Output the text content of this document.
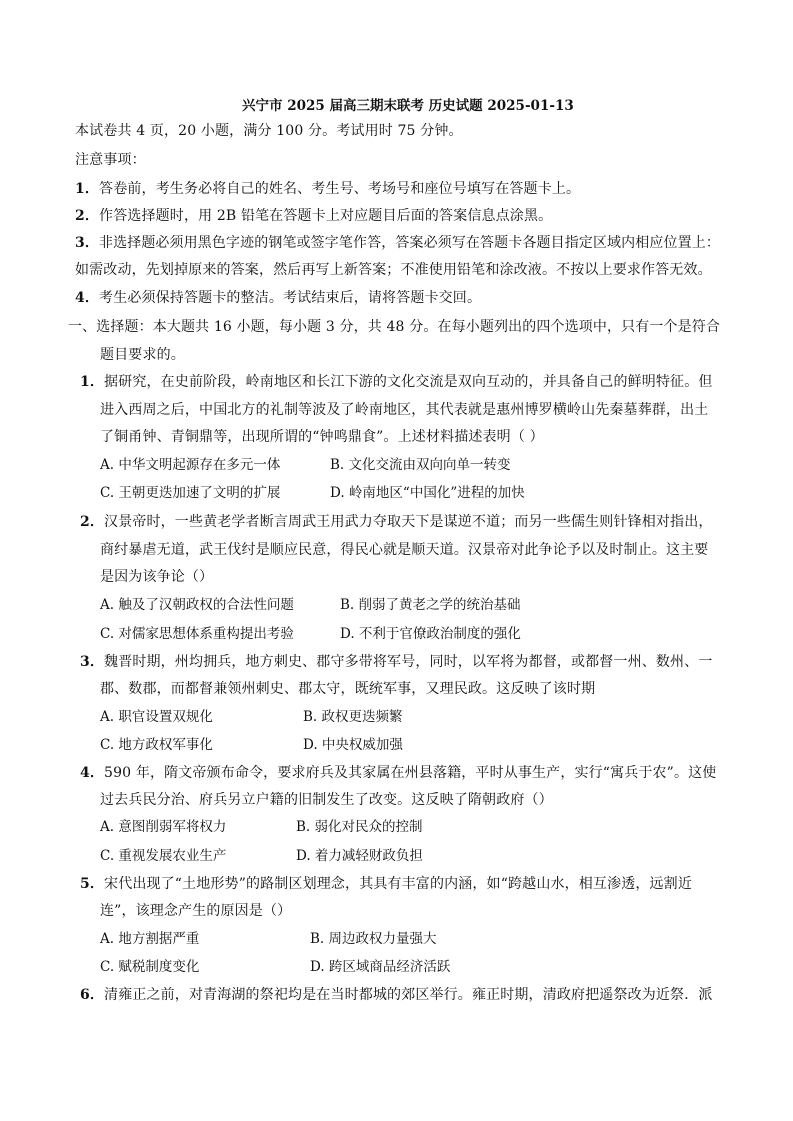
兴宁市 2025 届高三期末联考 历史试题 2025-01-13
本试卷共 4 页，20 小题，满分 100 分。考试用时 75 分钟。
注意事项：
1．答卷前，考生务必将自己的姓名、考生号、考场号和座位号填写在答题卡上。
2．作答选择题时，用 2B 铅笔在答题卡上对应题目后面的答案信息点涂黑。
3．非选择题必须用黑色字迹的钢笔或签字笔作答，答案必须写在答题卡各题目指定区域内相应位置上：
如需改动，先划掉原来的答案，然后再写上新答案；不准使用铅笔和涂改液。不按以上要求作答无效。
4．考生必须保持答题卡的整洁。考试结束后，请将答题卡交回。
一、选择题：本大题共 16 小题，每小题 3 分，共 48 分。在每小题列出的四个选项中，只有一个是符合
题目要求的。
1．据研究，在史前阶段，岭南地区和长江下游的文化交流是双向互动的，并具备自己的鲜明特征。但
进入西周之后，中国北方的礼制等波及了岭南地区，其代表就是惠州博罗横岭山先秦墓葬群，出土
了铜甬钟、青铜鼎等，出现所谓的“钟鸣鼎食”。上述材料描述表明（ ）
A. 中华文明起源存在多元一体	B. 文化交流由双向向单一转变
C. 王朝更迭加速了文明的扩展	D. 岭南地区“中国化”进程的加快
2．汉景帝时，一些黄老学者断言周武王用武力夺取天下是谋逆不道；而另一些儒生则针锋相对指出，
商纣暴虐无道，武王伐纣是顺应民意，得民心就是顺天道。汉景帝对此争论予以及时制止。这主要
是因为该争论（）
A. 触及了汉朝政权的合法性问题	B. 削弱了黄老之学的统治基础
C. 对儒家思想体系重构提出考验	D. 不利于官僚政治制度的强化
3．魏晋时期，州均拥兵，地方刺史、郡守多带将军号，同时，以军将为都督，或都督一州、数州、一
郡、数郡，而都督兼领州刺史、郡太守，既统军事，又理民政。这反映了该时期
A. 职官设置双规化	B. 政权更迭频繁
C. 地方政权军事化	D. 中央权威加强
4．590 年，隋文帝颁布命令，要求府兵及其家属在州县落籍，平时从事生产，实行“寓兵于农”。这使
过去兵民分治、府兵另立户籍的旧制发生了改变。这反映了隋朝政府（）
A. 意图削弱军将权力	B. 弱化对民众的控制
C. 重视发展农业生产	D. 着力减轻财政负担
5．宋代出现了“土地形势”的路制区划理念，其具有丰富的内涵，如“跨越山水，相互渗透，远割近
连”，该理念产生的原因是（）
A. 地方割据严重	B. 周边政权力量强大
C. 赋税制度变化	D. 跨区域商品经济活跃
6．清雍正之前，对青海湖的祭祀均是在当时都城的郊区举行。雍正时期，清政府把遥祭改为近祭．派
